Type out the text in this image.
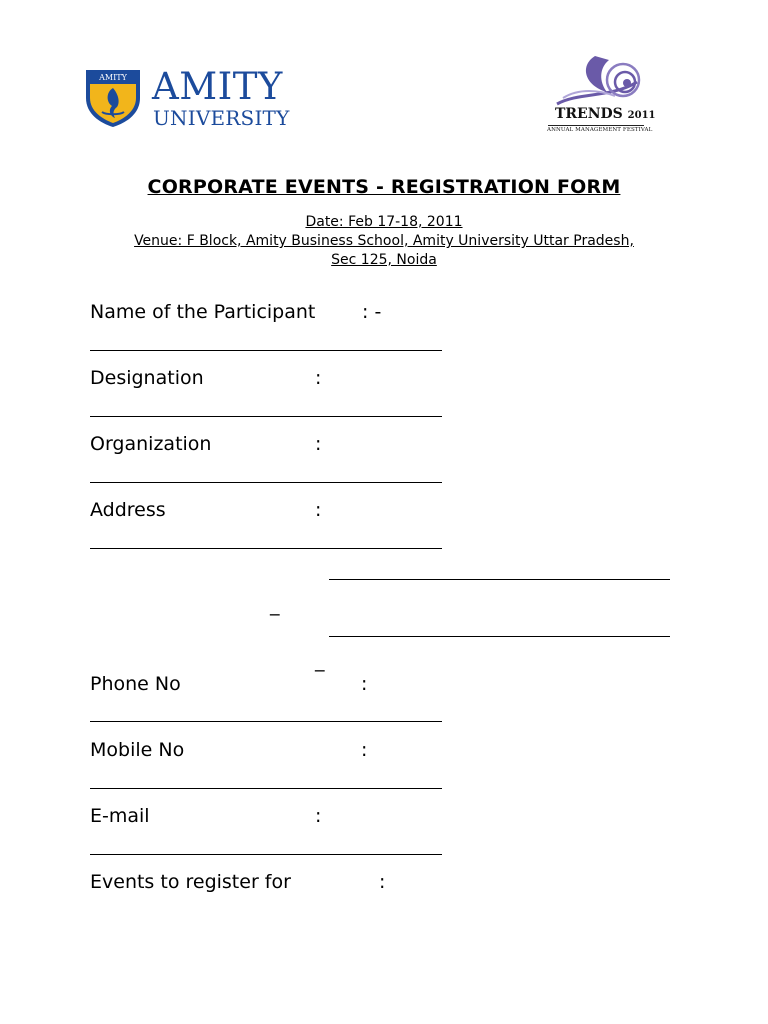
AMITY AMITY
UNIVERSITY	TRENDS 2011
ANNUAL MANAGEMENT FESTIVAL
CORPORATE EVENTS - REGISTRATION FORM
Date: Feb 17-18, 2011
Venue: F Block, Amity Business School, Amity University Uttar Pradesh,
Sec 125, Noida
Name of the Participant : -
Designation	:
Organization	:
Address	:
_
_
Phone No	:
Mobile No	:
E-mail	:
Events to register for	:
